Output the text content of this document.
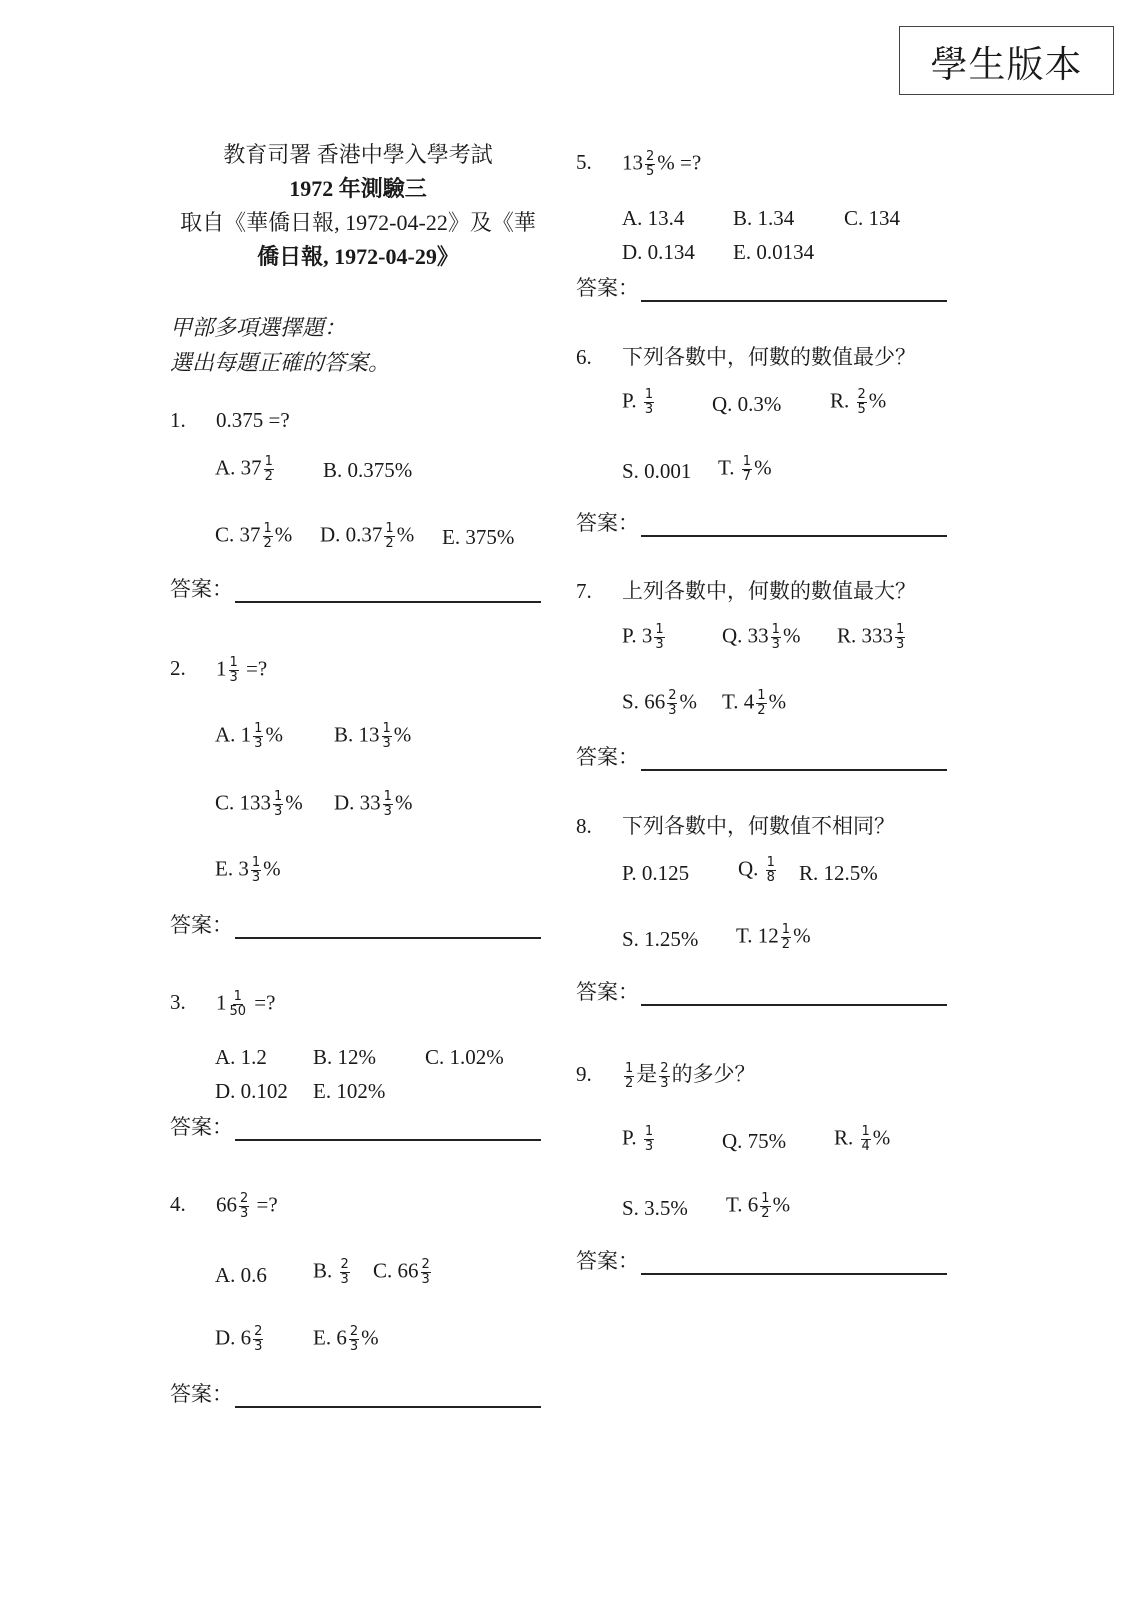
學生版本
教育司署 香港中學入學考試
1972 年測驗三
取自《華僑日報, 1972-04-22》及《華
僑日報, 1972-04-29》
甲部多項選擇題：
選出每題正確的答案。
1. 0.375 =?
A. $37 \frac{1}{2} B$. 0.375%
C. $37 \frac{1}{2}$ % D. $0.37 \frac{1}{2}$ % E. 375%
答案：
2. $1 \frac{1}{3}$ =?
A. $1 \frac{1}{3}$ % B. $13 \frac{1}{3}$ %
C. $133 \frac{1}{3}$ % D. $33 \frac{1}{3}$ %
E. $3 \frac{1}{3}$ %
答案：
3. $1 \frac{1}{50}$ =?
A. 1.2 B. 12% C. 1.02%
D. 0.102 E. 102%
答案：
4. $66 \frac{2}{3}$ =?
A. 0.6 B. $\frac{2}{3} C$. $66 \frac{2}{3}$
D. $6 \frac{2}{3} E$. $6 \frac{2}{3}$ %
答案：
5. $13 \frac{2}{5}$ % =?
A. 13.4 B. 1.34 C. 134
D. 0.134 E. 0.0134
答案：
6. 下列各數中，何數的數值最少？
P. $\frac{1}{3}$	Q. 0.3% R. $\frac{2}{5}$ %
S. 0.001 T. $\frac{1}{7}$ %
答案：
7. 上列各數中，何數的數值最大？
P. $3 \frac{1}{3}$	Q. $33 \frac{1}{3}$ % R. $333 \frac{1}{3}$
S. $66 \frac{2}{3}$ % T. $4 \frac{1}{2}$ %
答案：
8. 下列各數中，何數值不相同？
P. 0.125 Q. $\frac{1}{8} R$. 12.5%
S. 1.25% T. $12 \frac{1}{2}$ %
答案：
9. $\frac{1}{2}$ 是 $\frac{2}{3}$ 的多少？
P. $\frac{1}{3}$	Q. 75% R. $\frac{1}{4}$ %
S. 3.5% T. $6 \frac{1}{2}$ %
答案：
